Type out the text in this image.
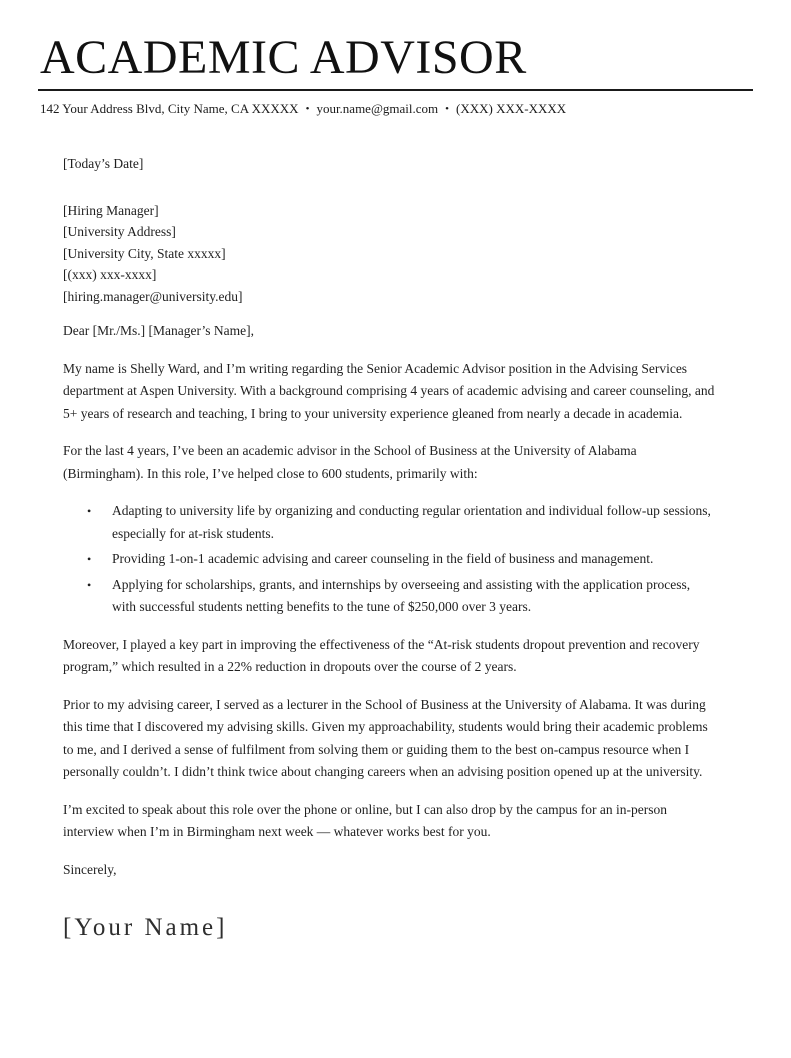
ACADEMIC ADVISOR
142 Your Address Blvd, City Name, CA XXXXX • your.name@gmail.com • (XXX) XXX-XXXX

[Today’s Date]

[Hiring Manager]
[University Address]
[University City, State xxxxx]
[(xxx) xxx-xxxx]
[hiring.manager@university.edu]

Dear [Mr./Ms.] [Manager’s Name],

My name is Shelly Ward, and I’m writing regarding the Senior Academic Advisor position in the Advising Services department at Aspen University. With a background comprising 4 years of academic advising and career counseling, and 5+ years of research and teaching, I bring to your university experience gleaned from nearly a decade in academia.

For the last 4 years, I’ve been an academic advisor in the School of Business at the University of Alabama (Birmingham). In this role, I’ve helped close to 600 students, primarily with:

•	Adapting to university life by organizing and conducting regular orientation and individual follow-up sessions, especially for at-risk students.
•	Providing 1-on-1 academic advising and career counseling in the field of business and management.
•	Applying for scholarships, grants, and internships by overseeing and assisting with the application process, with successful students netting benefits to the tune of $250,000 over 3 years.

Moreover, I played a key part in improving the effectiveness of the “At-risk students dropout prevention and recovery program,” which resulted in a 22% reduction in dropouts over the course of 2 years.

Prior to my advising career, I served as a lecturer in the School of Business at the University of Alabama. It was during this time that I discovered my advising skills. Given my approachability, students would bring their academic problems to me, and I derived a sense of fulfilment from solving them or guiding them to the best on-campus resource when I personally couldn’t. I didn’t think twice about changing careers when an advising position opened up at the university.

I’m excited to speak about this role over the phone or online, but I can also drop by the campus for an in-person interview when I’m in Birmingham next week — whatever works best for you.

Sincerely,

[Your Name]
